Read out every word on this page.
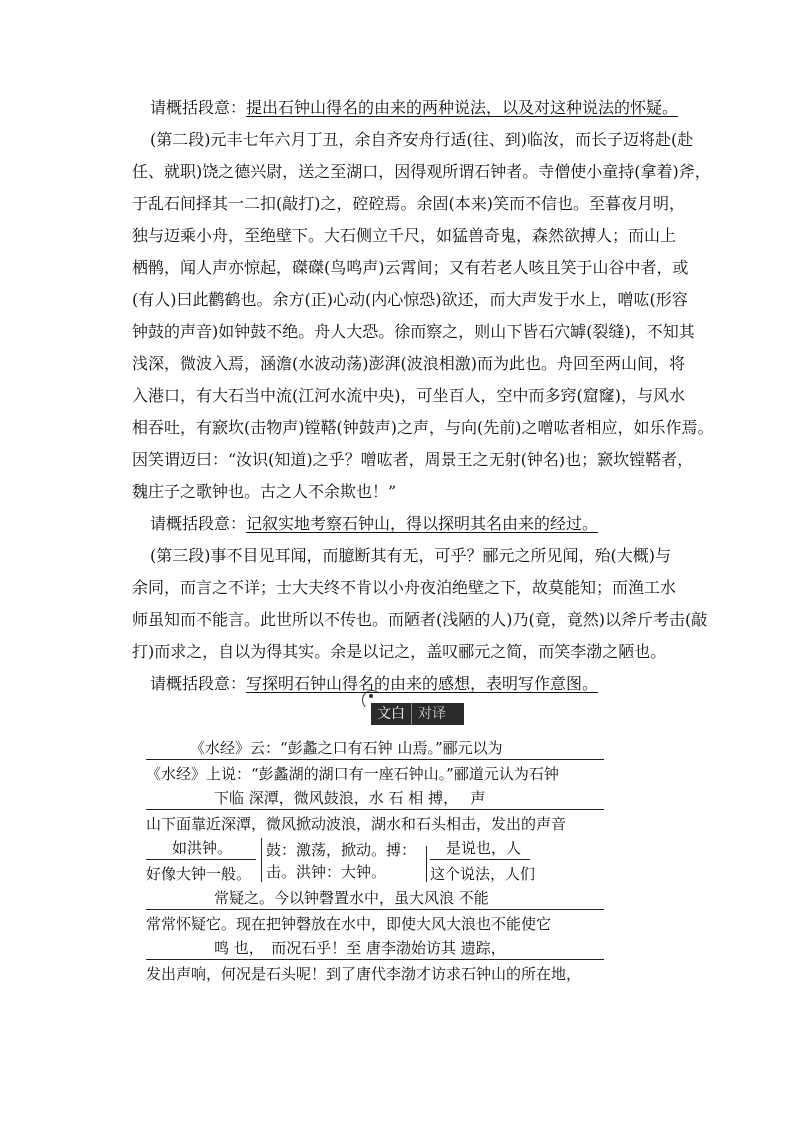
请概括段意：提出石钟山得名的由来的两种说法，以及对这种说法的怀疑。
(第二段)元丰七年六月丁丑，余自齐安舟行适(往、到)临汝，而长子迈将赴(赴
任、就职)饶之德兴尉，送之至湖口，因得观所谓石钟者。寺僧使小童持(拿着)斧，
于乱石间择其一二扣(敲打)之，硿硿焉。余固(本来)笑而不信也。至暮夜月明，
独与迈乘小舟，至绝壁下。大石侧立千尺，如猛兽奇鬼，森然欲搏人；而山上
栖鹘，闻人声亦惊起，磔磔(鸟鸣声)云霄间；又有若老人咳且笑于山谷中者，或
(有人)曰此鹳鹤也。余方(正)心动(内心惊恐)欲还，而大声发于水上，噌吰(形容
钟鼓的声音)如钟鼓不绝。舟人大恐。徐而察之，则山下皆石穴罅(裂缝)，不知其
浅深，微波入焉，涵澹(水波动荡)澎湃(波浪相激)而为此也。舟回至两山间，将
入港口，有大石当中流(江河水流中央)，可坐百人，空中而多窍(窟窿)，与风水
相吞吐，有窾坎(击物声)镗鞳(钟鼓声)之声，与向(先前)之噌吰者相应，如乐作焉。
因笑谓迈曰：“汝识(知道)之乎？噌吰者，周景王之无射(钟名)也；窾坎镗鞳者，
魏庄子之歌钟也。古之人不余欺也！”
请概括段意：记叙实地考察石钟山，得以探明其名由来的经过。
(第三段)事不目见耳闻，而臆断其有无，可乎？郦元之所见闻，殆(大概)与
余同，而言之不详；士大夫终不肯以小舟夜泊绝壁之下，故莫能知；而渔工水
师虽知而不能言。此世所以不传也。而陋者(浅陋的人)乃(竟，竟然)以斧斤考击(敲
打)而求之，自以为得其实。余是以记之，盖叹郦元之简，而笑李渤之陋也。
请概括段意：写探明石钟山得名的由来的感想，表明写作意图。
文白 对译
《水经》云：“彭蠡之口有石钟 山焉。”郦元以为
《水经》上说：“彭蠡湖的湖口有一座石钟山。”郦道元认为石钟
下临 深潭，微风鼓浪，水 石 相 搏，　 声
山下面靠近深潭，微风掀动波浪，湖水和石头相击，发出的声音
如洪钟。
好像大钟一般。
鼓：激荡，掀动。搏：
击。洪钟：大钟。
是说也，人
这个说法，人们
常疑之。今以钟磬置水中，虽大风浪 不能
常常怀疑它。现在把钟磬放在水中，即使大风大浪也不能使它
鸣 也，　而况石乎！至 唐李渤始访其 遗踪，
发出声响，何况是石头呢！到了唐代李渤才访求石钟山的所在地，
